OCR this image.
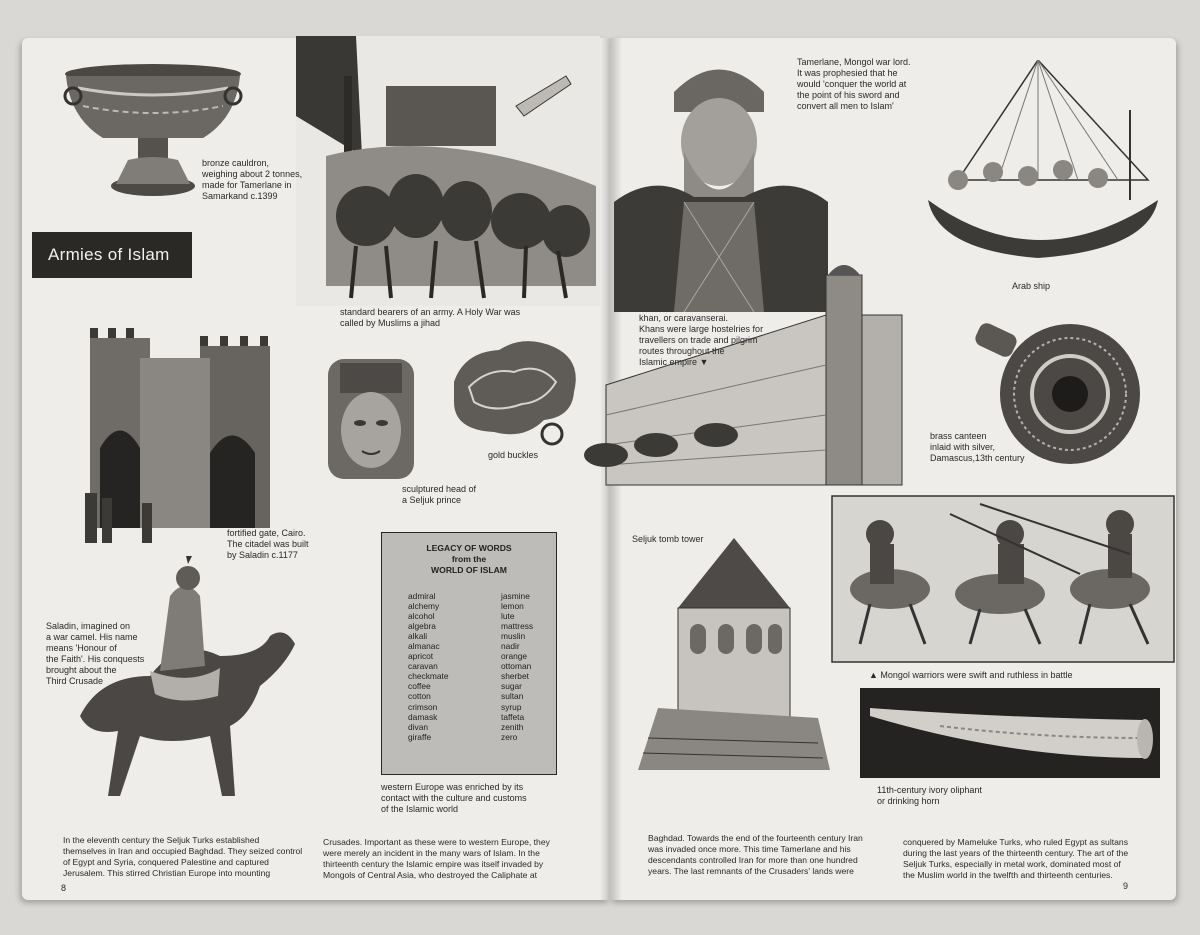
Armies of Islam
bronze cauldron,
weighing about 2 tonnes,
made for Tamerlane in
Samarkand c.1399
standard bearers of an army. A Holy War was
called by Muslims a jihad
fortified gate, Cairo.
The citadel was built
by Saladin c.1177
sculptured head of
a Seljuk prince
gold buckles
Saladin, imagined on
a war camel. His name
means 'Honour of
the Faith'. His conquests
brought about the
Third Crusade
LEGACY OF WORDS
from the
WORLD OF ISLAM
admiral
alchemy
alcohol
algebra
alkali
almanac
apricot
caravan
checkmate
coffee
cotton
crimson
damask
divan
giraffe
jasmine
lemon
lute
mattress
muslin
nadir
orange
ottoman
sherbet
sugar
sultan
syrup
taffeta
zenith
zero
western Europe was enriched by its
contact with the culture and customs
of the Islamic world
In the eleventh century the Seljuk Turks established
themselves in Iran and occupied Baghdad. They seized control
of Egypt and Syria, conquered Palestine and captured
Jerusalem. This stirred Christian Europe into mounting
Crusades. Important as these were to western Europe, they
were merely an incident in the many wars of Islam. In the
thirteenth century the Islamic empire was itself invaded by
Mongols of Central Asia, who destroyed the Caliphate at
8
Tamerlane, Mongol war lord.
It was prophesied that he
would 'conquer the world at
the point of his sword and
convert all men to Islam'
Arab ship
khan, or caravanserai.
Khans were large hostelries for
travellers on trade and pilgrim
routes throughout the
Islamic empire ▼
brass canteen
inlaid with silver,
Damascus,13th century
Seljuk tomb tower
▲ Mongol warriors were swift and ruthless in battle
11th-century ivory oliphant
or drinking horn
Baghdad. Towards the end of the fourteenth century Iran
was invaded once more. This time Tamerlane and his
descendants controlled Iran for more than one hundred
years. The last remnants of the Crusaders' lands were
conquered by Mameluke Turks, who ruled Egypt as sultans
during the last years of the thirteenth century. The art of the
Seljuk Turks, especially in metal work, dominated most of
the Muslim world in the twelfth and thirteenth centuries.
9
